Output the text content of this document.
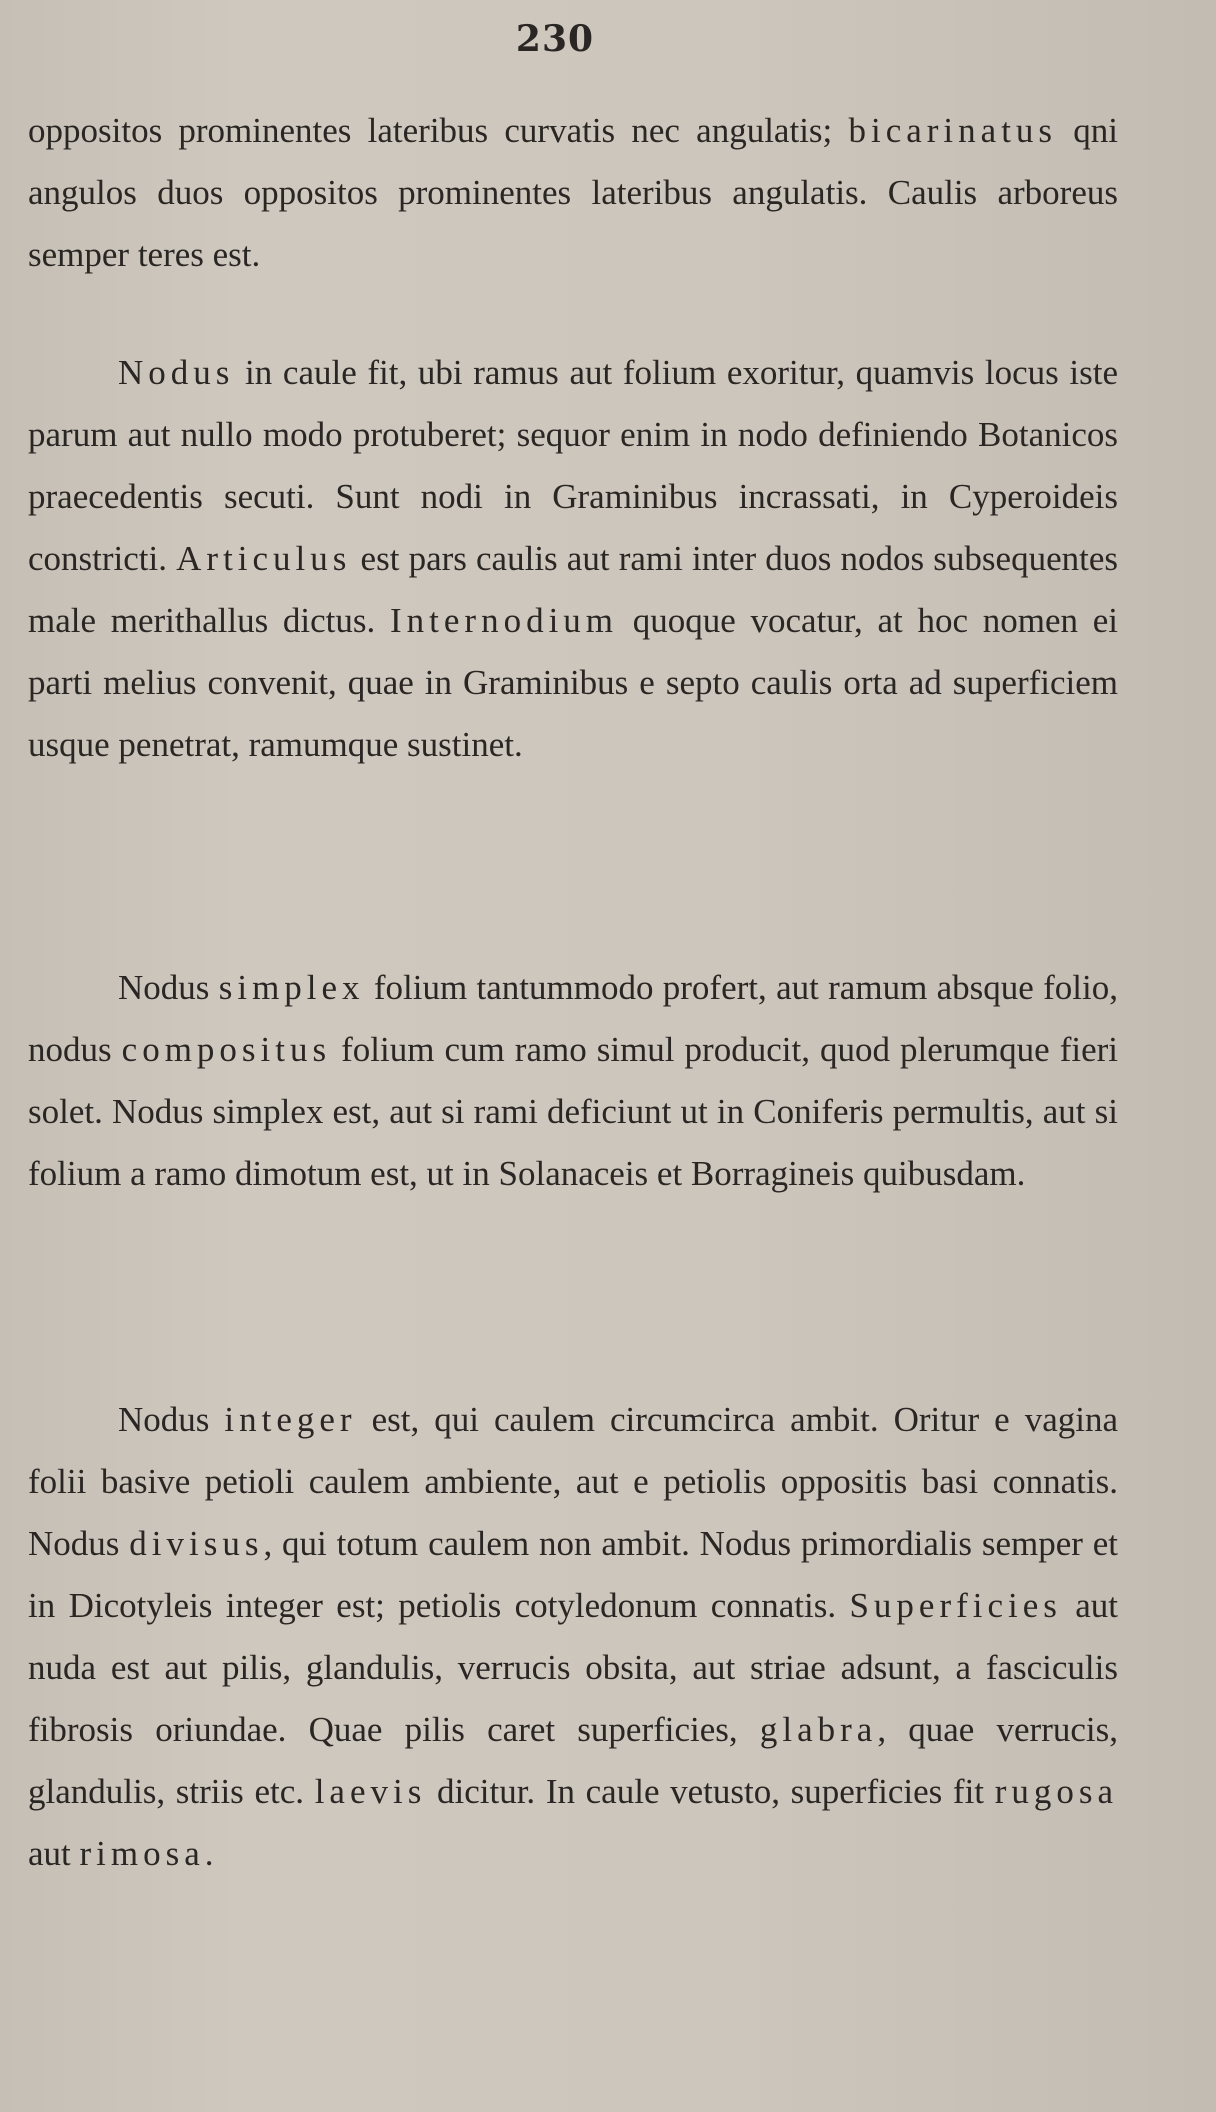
230
oppositos prominentes lateribus curvatis nec angulatis; bicarinatus qni angulos duos oppositos prominentes lateribus angulatis. Caulis arboreus semper teres est.
Nodus in caule fit, ubi ramus aut folium exoritur, quamvis locus iste parum aut nullo modo protuberet; sequor enim in nodo definiendo Botanicos praecedentis secuti. Sunt nodi in Graminibus incrassati, in Cyperoideis constricti. Articulus est pars caulis aut rami inter duos nodos subsequentes male merithallus dictus. Internodium quoque vocatur, at hoc nomen ei parti melius convenit, quae in Graminibus e septo caulis orta ad superficiem usque penetrat, ramumque sustinet.
Nodus simplex folium tantummodo profert, aut ramum absque folio, nodus compositus folium cum ramo simul producit, quod plerumque fieri solet. Nodus simplex est, aut si rami deficiunt ut in Coniferis permultis, aut si folium a ramo dimotum est, ut in Solanaceis et Borragineis quibusdam.
Nodus integer est, qui caulem circumcirca ambit. Oritur e vagina folii basive petioli caulem ambiente, aut e petiolis oppositis basi connatis. Nodus divisus, qui totum caulem non ambit. Nodus primordialis semper et in Dicotyleis integer est; petiolis cotyledonum connatis. Superficies aut nuda est aut pilis, glandulis, verrucis obsita, aut striae adsunt, a fasciculis fibrosis oriundae. Quae pilis caret superficies, glabra, quae verrucis, glandulis, striis etc. laevis dicitur. In caule vetusto, superficies fit rugosa aut rimosa.
